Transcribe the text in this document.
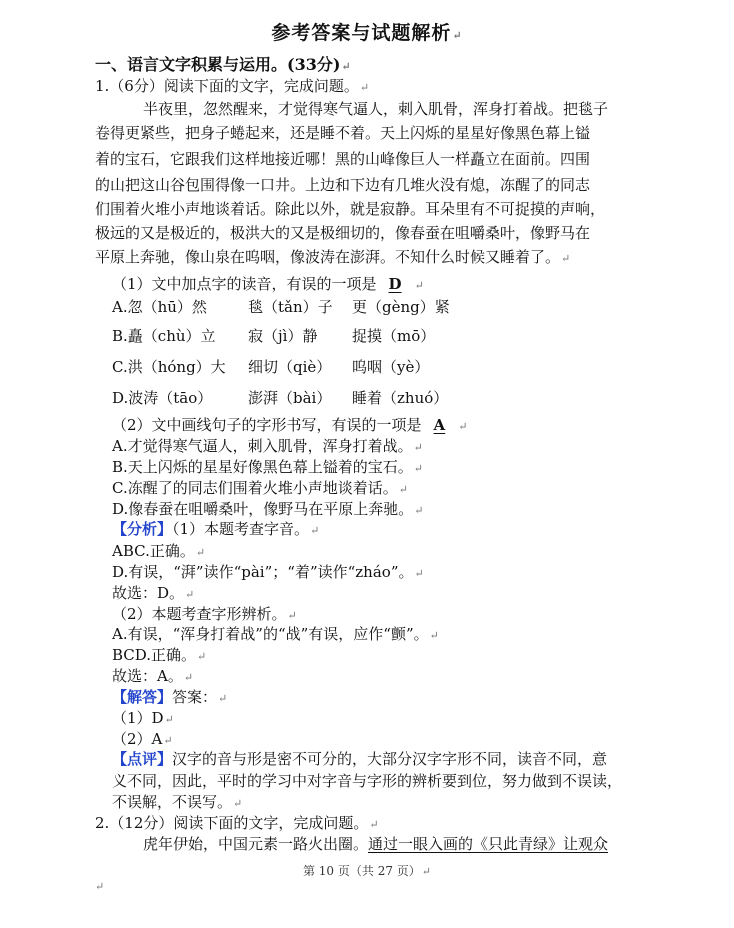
参考答案与试题解析↵
一、语言文字积累与运用。(33分)↵
1.（6分）阅读下面的文字，完成问题。↵
半夜里，忽然醒来，才觉得寒气逼人，刺入肌骨，浑身打着战。把毯子
卷得更紧些，把身子蜷起来，还是睡不着。天上闪烁的星星好像黑色幕上镒
着的宝石，它跟我们这样地接近哪！黑的山峰像巨人一样矗立在面前。四围
的山把这山谷包围得像一口井。上边和下边有几堆火没有熄，冻醒了的同志
们围着火堆小声地谈着话。除此以外，就是寂静。耳朵里有不可捉摸的声响，
极远的又是极近的，极洪大的又是极细切的，像春蚕在咀嚼桑叶，像野马在
平原上奔驰，像山泉在呜咽，像波涛在澎湃。不知什么时候又睡着了。↵
（1）文中加点字的读音，有误的一项是 D ↵
A.忽（hū）然	毯（tǎn）子 更（gèng）紧
B.矗（chù）立 寂（jì）静 捉摸（mō）
C.洪（hóng）大 细切（qiè） 呜咽（yè）
D.波涛（tāo） 澎湃（bài） 睡着（zhuó）
（2）文中画线句子的字形书写，有误的一项是 A ↵
A.才觉得寒气逼人，刺入肌骨，浑身打着战。↵
B.天上闪烁的星星好像黑色幕上镒着的宝石。↵
C.冻醒了的同志们围着火堆小声地谈着话。↵
D.像春蚕在咀嚼桑叶，像野马在平原上奔驰。↵
【分析】（1）本题考查字音。↵
ABC.正确。↵
D.有误，“湃”读作“pài”；“着”读作“zháo”。↵
故选：D。↵
（2）本题考查字形辨析。↵
A.有误，“浑身打着战”的“战”有误，应作“颤”。↵
BCD.正确。↵
故选：A。↵
【解答】答案：↵
（1）D↵
（2）A↵
【点评】汉字的音与形是密不可分的，大部分汉字字形不同，读音不同，意
义不同，因此，平时的学习中对字音与字形的辨析要到位，努力做到不误读，
不误解，不误写。↵
2.（12分）阅读下面的文字，完成问题。↵
虎年伊始，中国元素一路火出圈。通过一眼入画的《只此青绿》让观众
第 10 页（共 27 页）↵
↵
